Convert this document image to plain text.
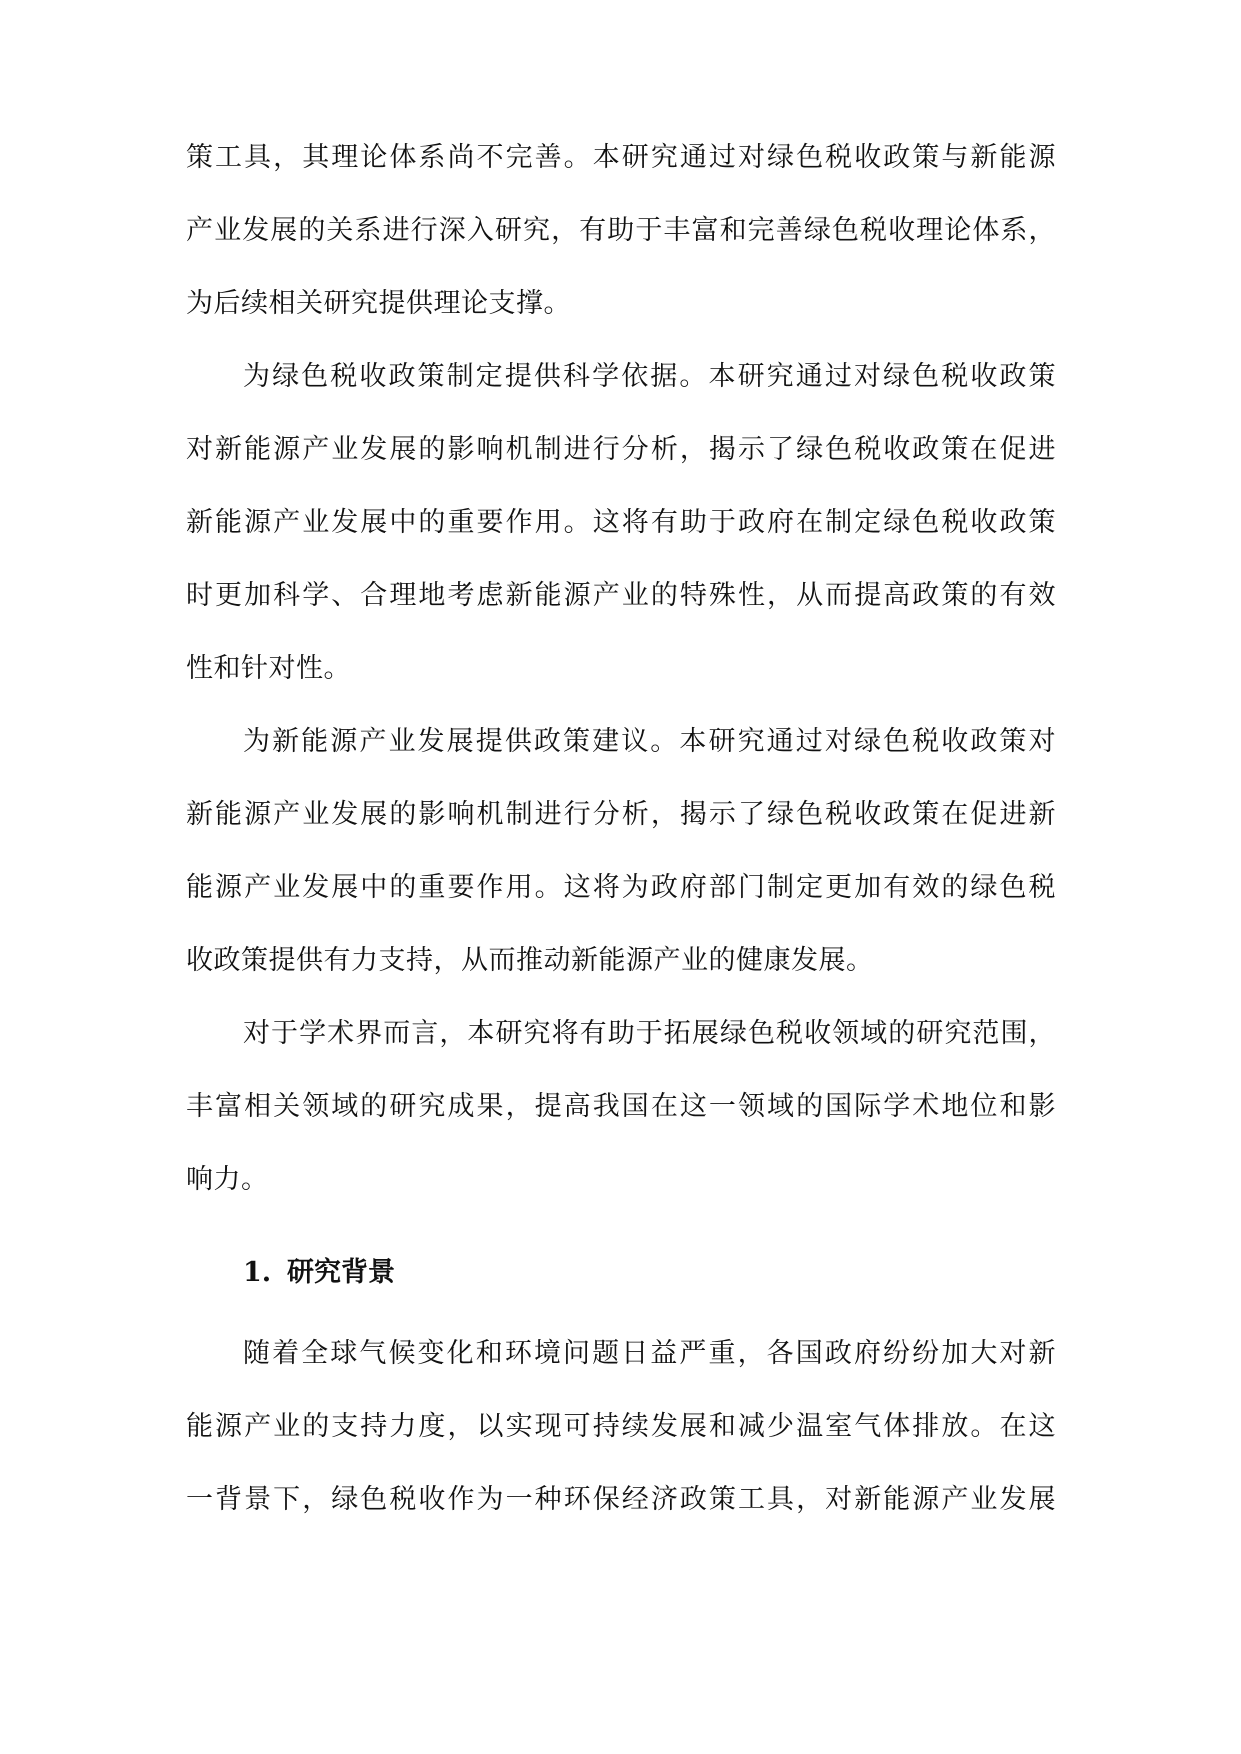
策工具，其理论体系尚不完善。本研究通过对绿色税收政策与新能源

产业发展的关系进行深入研究，有助于丰富和完善绿色税收理论体系，

为后续相关研究提供理论支撑。

为绿色税收政策制定提供科学依据。本研究通过对绿色税收政策

对新能源产业发展的影响机制进行分析，揭示了绿色税收政策在促进

新能源产业发展中的重要作用。这将有助于政府在制定绿色税收政策

时更加科学、合理地考虑新能源产业的特殊性，从而提高政策的有效

性和针对性。

为新能源产业发展提供政策建议。本研究通过对绿色税收政策对

新能源产业发展的影响机制进行分析，揭示了绿色税收政策在促进新

能源产业发展中的重要作用。这将为政府部门制定更加有效的绿色税

收政策提供有力支持，从而推动新能源产业的健康发展。

对于学术界而言，本研究将有助于拓展绿色税收领域的研究范围，

丰富相关领域的研究成果，提高我国在这一领域的国际学术地位和影

响力。

1. 研究背景

随着全球气候变化和环境问题日益严重，各国政府纷纷加大对新

能源产业的支持力度，以实现可持续发展和减少温室气体排放。在这

一背景下，绿色税收作为一种环保经济政策工具，对新能源产业发展
